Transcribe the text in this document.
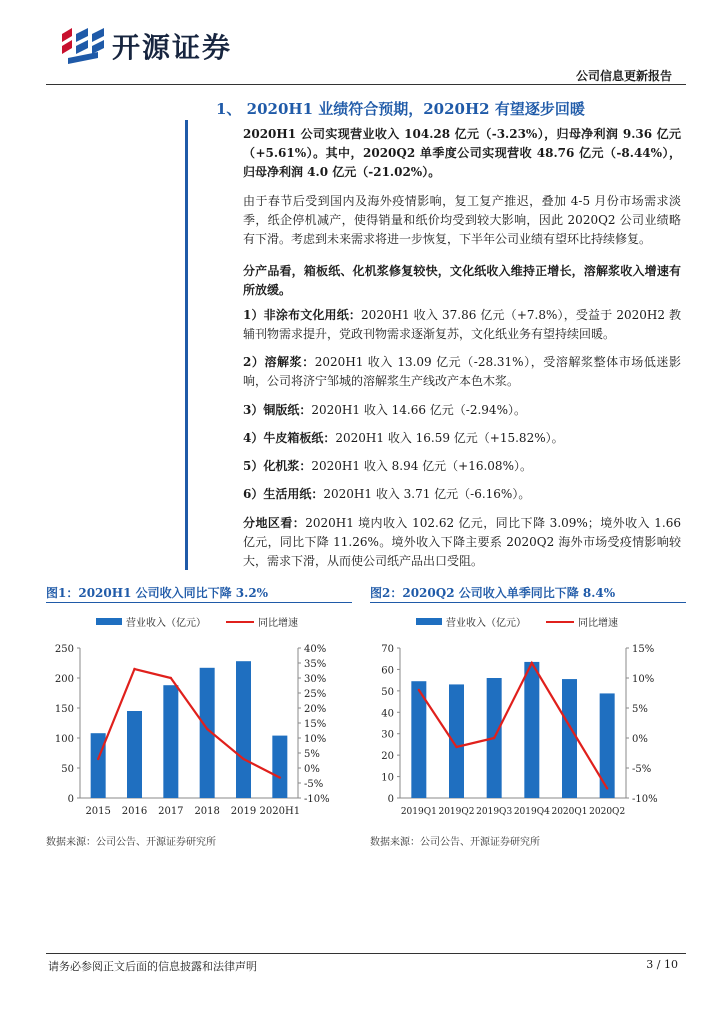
开源证券
公司信息更新报告
1、 2020H1 业绩符合预期，2020H2 有望逐步回暖
2020H1 公司实现营业收入 104.28 亿元（-3.23%），归母净利润 9.36 亿元（+5.61%）。其中，2020Q2 单季度公司实现营收 48.76 亿元（-8.44%），归母净利润 4.0 亿元（-21.02%）。
由于春节后受到国内及海外疫情影响，复工复产推迟，叠加 4-5 月份市场需求淡季，纸企停机减产，使得销量和纸价均受到较大影响，因此 2020Q2 公司业绩略有下滑。考虑到未来需求将进一步恢复，下半年公司业绩有望环比持续修复。
分产品看，箱板纸、化机浆修复较快，文化纸收入维持正增长，溶解浆收入增速有所放缓。
1）非涂布文化用纸：2020H1 收入 37.86 亿元（+7.8%），受益于 2020H2 教辅刊物需求提升，党政刊物需求逐渐复苏，文化纸业务有望持续回暖。
2）溶解浆：2020H1 收入 13.09 亿元（-28.31%），受溶解浆整体市场低迷影响，公司将济宁邹城的溶解浆生产线改产本色木浆。
3）铜版纸：2020H1 收入 14.66 亿元（-2.94%）。
4）牛皮箱板纸：2020H1 收入 16.59 亿元（+15.82%）。
5）化机浆：2020H1 收入 8.94 亿元（+16.08%）。
6）生活用纸：2020H1 收入 3.71 亿元（-6.16%）。
分地区看：2020H1 境内收入 102.62 亿元，同比下降 3.09%；境外收入 1.66 亿元，同比下降 11.26%。境外收入下降主要系 2020Q2 海外市场受疫情影响较大，需求下滑，从而使公司纸产品出口受阻。
图1：2020H1 公司收入同比下降 3.2%	图2：2020Q2 公司收入单季同比下降 8.4%
营业收入（亿元）	同比增速
0
50
100
150
200
250
-10%
-5%
0%
5%
10%
15%
20%
25%
30%
35%
40%
2015 2016 2017 2018 2019 2020H1
营业收入（亿元）	同比增速
0
10
20
30
40
50
60
70
-10%
-5%
0%
5%
10%
15%
2019Q1 2019Q2 2019Q3 2019Q4 2020Q1 2020Q2
数据来源：公司公告、开源证券研究所	数据来源：公司公告、开源证券研究所
请务必参阅正文后面的信息披露和法律声明	3 / 10
